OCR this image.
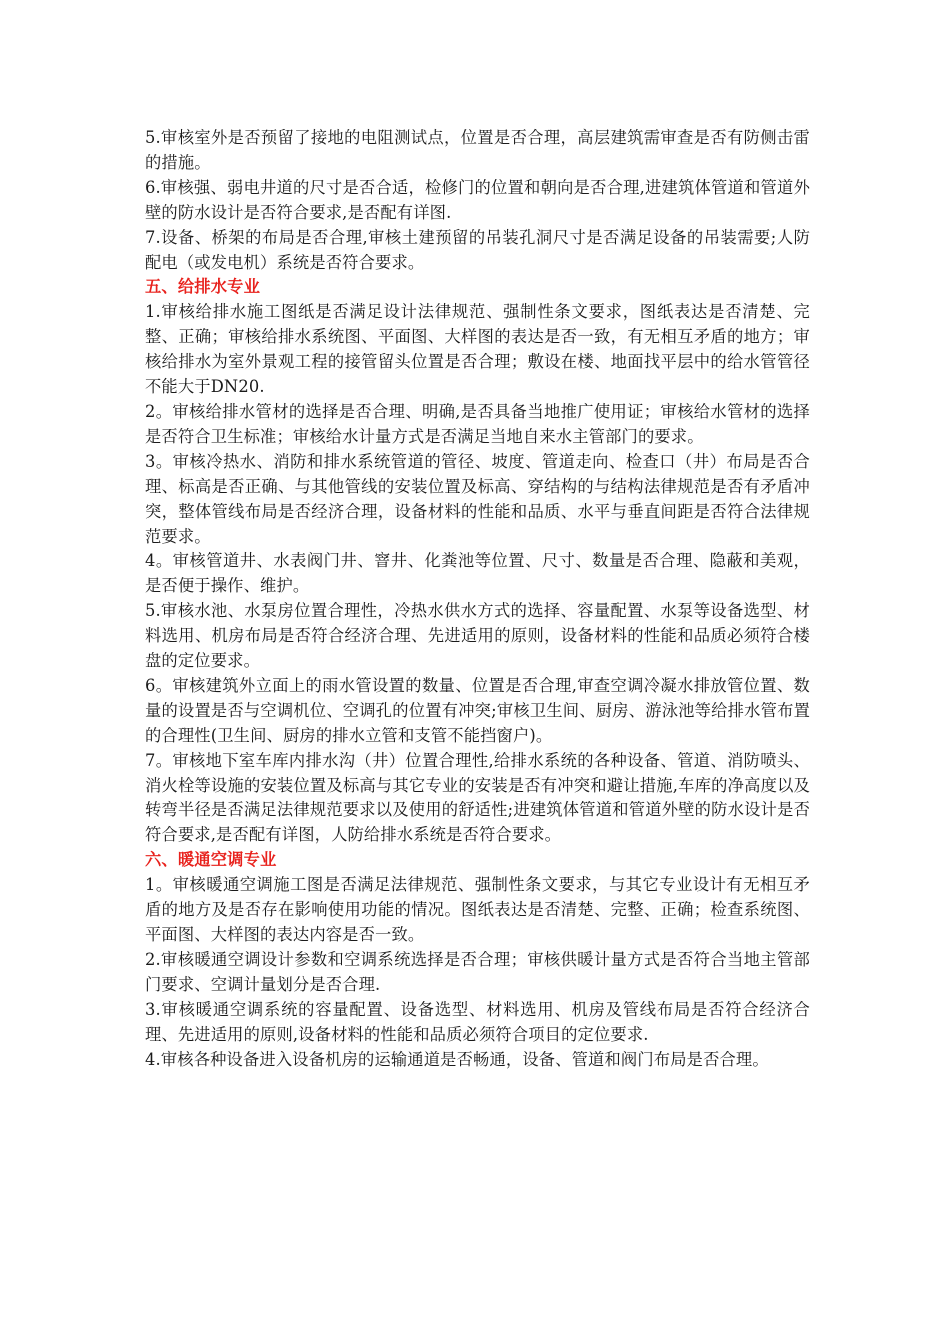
5.审核室外是否预留了接地的电阻测试点，位置是否合理，高层建筑需审查是否有防侧击雷的措施。

6.审核强、弱电井道的尺寸是否合适，检修门的位置和朝向是否合理,进建筑体管道和管道外壁的防水设计是否符合要求,是否配有详图.

7.设备、桥架的布局是否合理,审核土建预留的吊装孔洞尺寸是否满足设备的吊装需要;人防配电（或发电机）系统是否符合要求。

五、给排水专业

1.审核给排水施工图纸是否满足设计法律规范、强制性条文要求，图纸表达是否清楚、完整、正确；审核给排水系统图、平面图、大样图的表达是否一致，有无相互矛盾的地方；审核给排水为室外景观工程的接管留头位置是否合理；敷设在楼、地面找平层中的给水管管径不能大于DN20.

2。审核给排水管材的选择是否合理、明确,是否具备当地推广使用证；审核给水管材的选择是否符合卫生标准；审核给水计量方式是否满足当地自来水主管部门的要求。

3。审核冷热水、消防和排水系统管道的管径、坡度、管道走向、检查口（井）布局是否合理、标高是否正确、与其他管线的安装位置及标高、穿结构的与结构法律规范是否有矛盾冲突，整体管线布局是否经济合理，设备材料的性能和品质、水平与垂直间距是否符合法律规范要求。

4。审核管道井、水表阀门井、窨井、化粪池等位置、尺寸、数量是否合理、隐蔽和美观，是否便于操作、维护。

5.审核水池、水泵房位置合理性，冷热水供水方式的选择、容量配置、水泵等设备选型、材料选用、机房布局是否符合经济合理、先进适用的原则，设备材料的性能和品质必须符合楼盘的定位要求。

6。审核建筑外立面上的雨水管设置的数量、位置是否合理,审查空调冷凝水排放管位置、数量的设置是否与空调机位、空调孔的位置有冲突;审核卫生间、厨房、游泳池等给排水管布置的合理性(卫生间、厨房的排水立管和支管不能挡窗户)。

7。审核地下室车库内排水沟（井）位置合理性,给排水系统的各种设备、管道、消防喷头、消火栓等设施的安装位置及标高与其它专业的安装是否有冲突和避让措施,车库的净高度以及转弯半径是否满足法律规范要求以及使用的舒适性;进建筑体管道和管道外壁的防水设计是否符合要求,是否配有详图，人防给排水系统是否符合要求。

六、暖通空调专业

1。审核暖通空调施工图是否满足法律规范、强制性条文要求，与其它专业设计有无相互矛盾的地方及是否存在影响使用功能的情况。图纸表达是否清楚、完整、正确；检查系统图、平面图、大样图的表达内容是否一致。

2.审核暖通空调设计参数和空调系统选择是否合理；审核供暖计量方式是否符合当地主管部门要求、空调计量划分是否合理.

3.审核暖通空调系统的容量配置、设备选型、材料选用、机房及管线布局是否符合经济合理、先进适用的原则,设备材料的性能和品质必须符合项目的定位要求.

4.审核各种设备进入设备机房的运输通道是否畅通，设备、管道和阀门布局是否合理。
